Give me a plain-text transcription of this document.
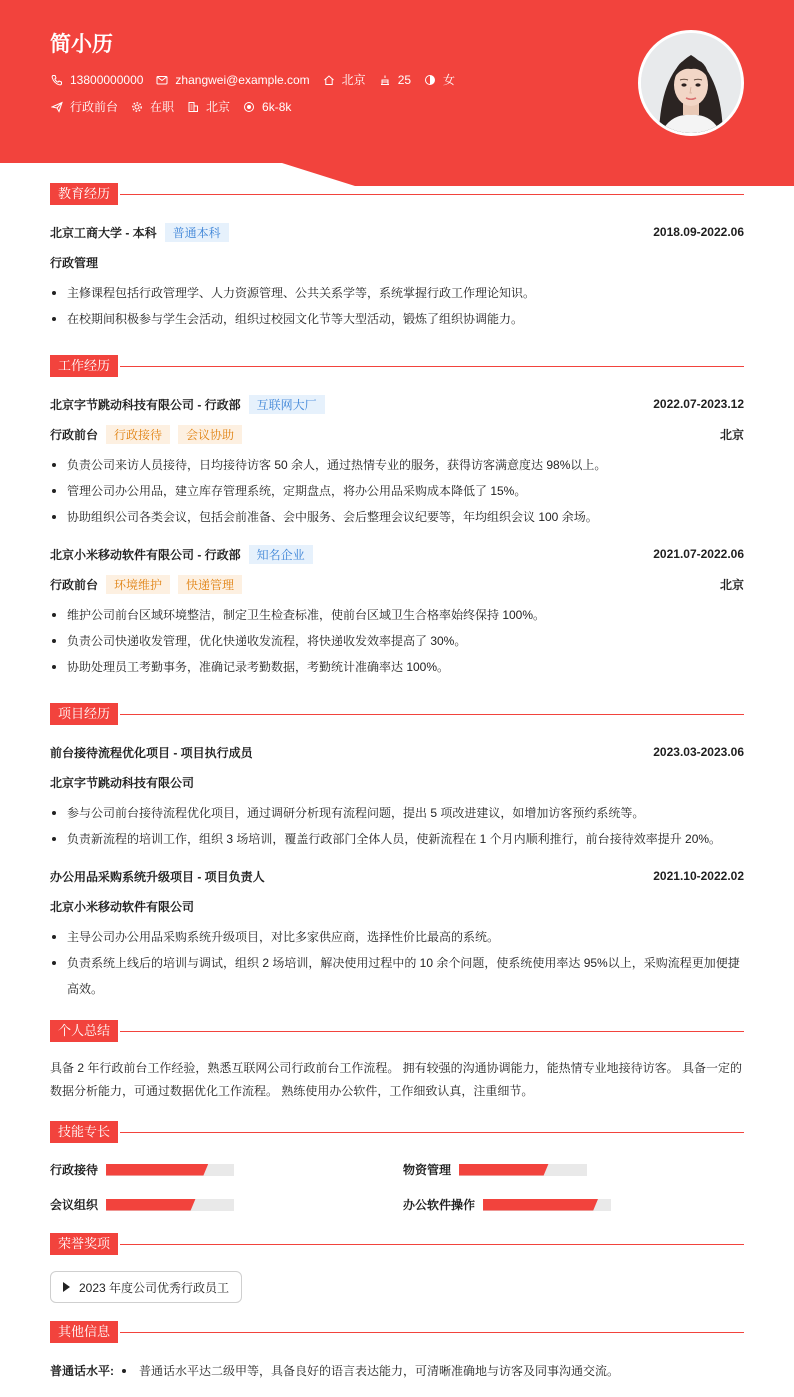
简小历
13800000000	zhangwei@example.com	北京	25	女
行政前台	在职	北京	6k-8k
教育经历
北京工商大学 - 本科	普通本科	2018.09-2022.06
行政管理
主修课程包括行政管理学、人力资源管理、公共关系学等，系统掌握行政工作理论知识。
在校期间积极参与学生会活动，组织过校园文化节等大型活动，锻炼了组织协调能力。
工作经历
北京字节跳动科技有限公司 - 行政部	互联网大厂	2022.07-2023.12
行政前台	行政接待	会议协助	北京
负责公司来访人员接待，日均接待访客 50 余人，通过热情专业的服务，获得访客满意度达 98%以上。
管理公司办公用品，建立库存管理系统，定期盘点，将办公用品采购成本降低了 15%。
协助组织公司各类会议，包括会前准备、会中服务、会后整理会议纪要等，年均组织会议 100 余场。
北京小米移动软件有限公司 - 行政部	知名企业	2021.07-2022.06
行政前台	环境维护	快递管理	北京
维护公司前台区域环境整洁，制定卫生检查标准，使前台区域卫生合格率始终保持 100%。
负责公司快递收发管理，优化快递收发流程，将快递收发效率提高了 30%。
协助处理员工考勤事务，准确记录考勤数据，考勤统计准确率达 100%。
项目经历
前台接待流程优化项目 - 项目执行成员	2023.03-2023.06
北京字节跳动科技有限公司
参与公司前台接待流程优化项目，通过调研分析现有流程问题，提出 5 项改进建议，如增加访客预约系统等。
负责新流程的培训工作，组织 3 场培训，覆盖行政部门全体人员，使新流程在 1 个月内顺利推行，前台接待效率提升 20%。
办公用品采购系统升级项目 - 项目负责人	2021.10-2022.02
北京小米移动软件有限公司
主导公司办公用品采购系统升级项目，对比多家供应商，选择性价比最高的系统。
负责系统上线后的培训与调试，组织 2 场培训，解决使用过程中的 10 余个问题，使系统使用率达 95%以上，采购流程更加便捷高效。
个人总结
具备 2 年行政前台工作经验，熟悉互联网公司行政前台工作流程。 拥有较强的沟通协调能力，能热情专业地接待访客。 具备一定的数据分析能力，可通过数据优化工作流程。 熟练使用办公软件，工作细致认真，注重细节。
技能专长
行政接待	物资管理
会议组织	办公软件操作
荣誉奖项
2023 年度公司优秀行政员工
其他信息
普通话水平: 普通话水平达二级甲等，具备良好的语言表达能力，可清晰准确地与访客及同事沟通交流。
